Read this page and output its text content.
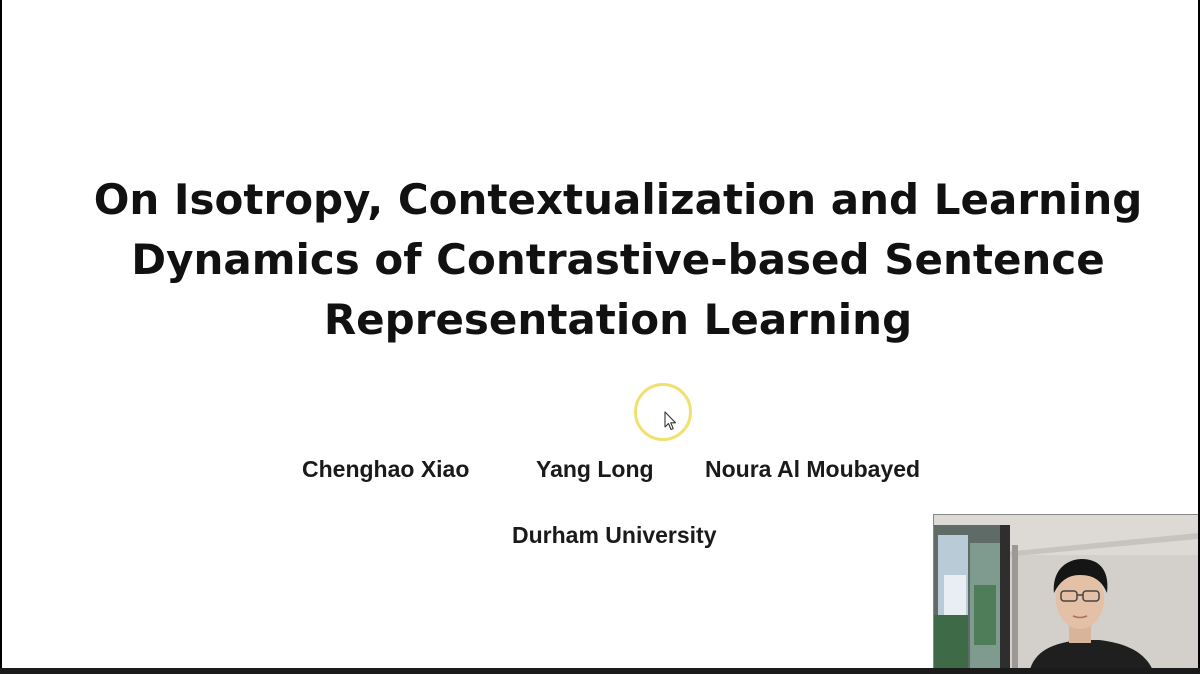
On Isotropy, Contextualization and Learning
Dynamics of Contrastive-based Sentence
Representation Learning
Chenghao Xiao	Yang Long Noura Al Moubayed
Durham University
